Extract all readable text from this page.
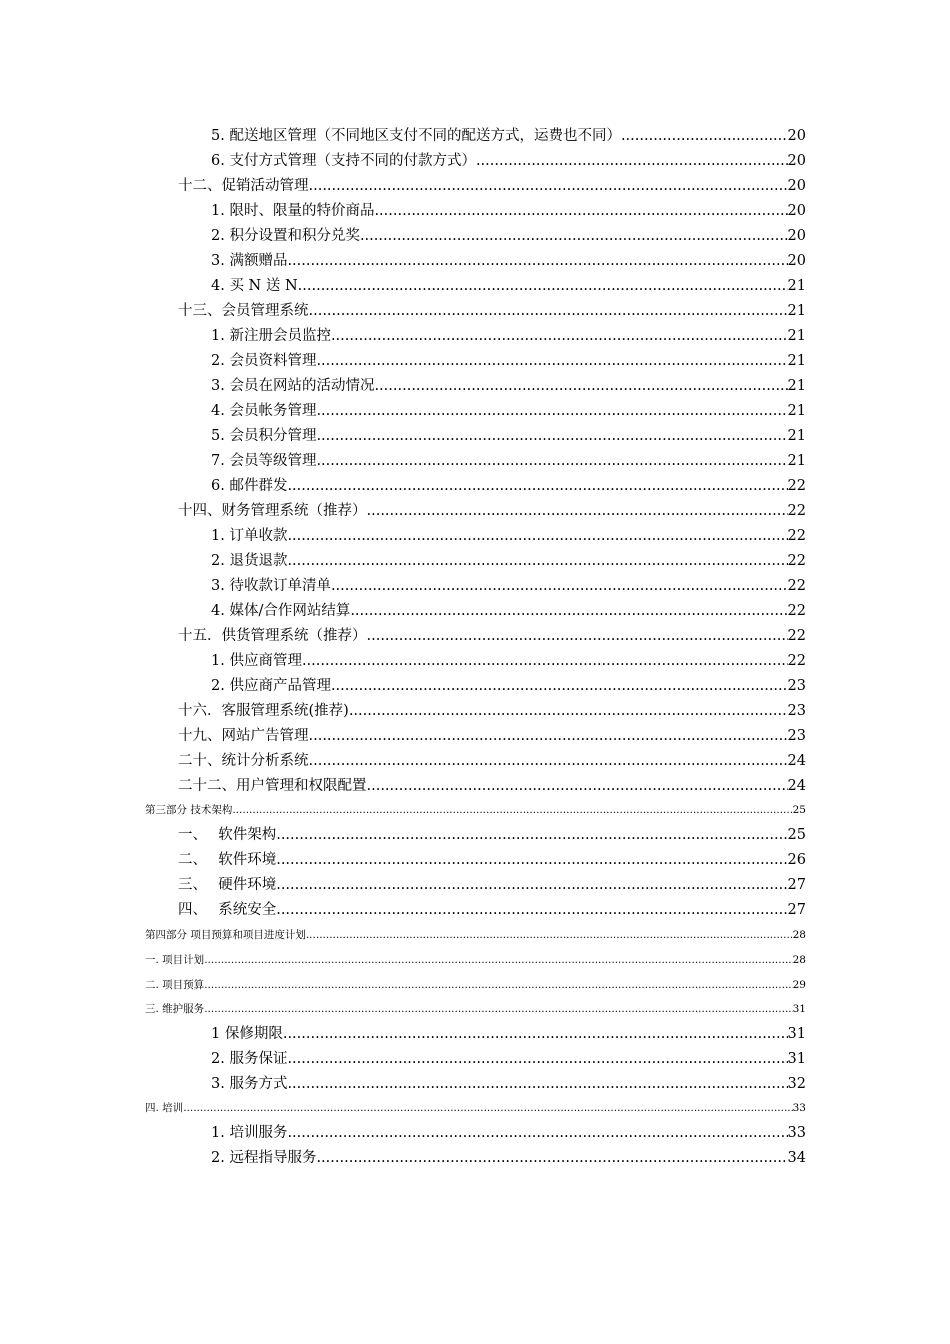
5. 配送地区管理（不同地区支付不同的配送方式，运费也不同） .....	20
6. 支付方式管理（支持不同的付款方式） .....	20
十二、促销活动管理 .....	20
1. 限时、限量的特价商品 .....	20
2. 积分设置和积分兑奖 .....	20
3. 满额赠品 .....	20
4. 买 N 送 N .....	21
十三、会员管理系统 .....	21
1. 新注册会员监控 .....	21
2. 会员资料管理 .....	21
3. 会员在网站的活动情况 .....	21
4. 会员帐务管理 .....	21
5. 会员积分管理 .....	21
7. 会员等级管理 .....	21
6. 邮件群发 .....	22
十四、财务管理系统（推荐） .....	22
1. 订单收款 .....	22
2. 退货退款 .....	22
3. 待收款订单清单 .....	22
4. 媒体/合作网站结算 .....	22
十五．供货管理系统（推荐） .....	22
1. 供应商管理 .....	22
2. 供应商产品管理 .....	23
十六．客服管理系统(推荐) .....	23
十九、网站广告管理 .....	23
二十、统计分析系统 .....	24
二十二、用户管理和权限配置 .....	24
第三部分 技术架构 .....	25
一、 软件架构 .....	25
二、 软件环境 .....	26
三、 硬件环境 .....	27
四、 系统安全 .....	27
第四部分 项目预算和项目进度计划 .....	28
一. 项目计划 .....	28
二. 项目预算 .....	29
三. 维护服务 .....	31
1 保修期限 .....	31
2. 服务保证 .....	31
3. 服务方式 .....	32
四. 培训 .....	33
1. 培训服务 .....	33
2. 远程指导服务 .....	34
